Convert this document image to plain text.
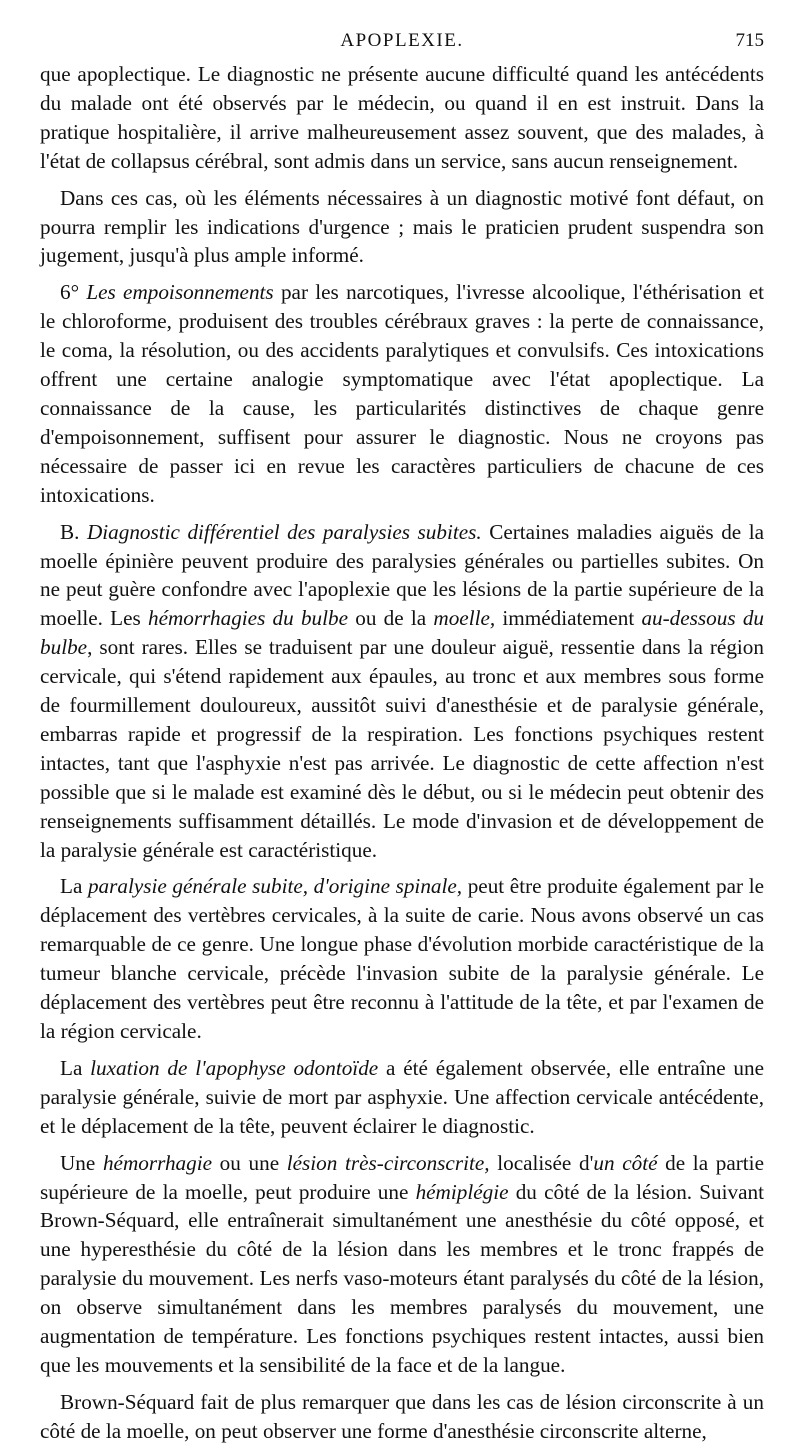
APOPLEXIE.	715

que apoplectique. Le diagnostic ne présente aucune difficulté quand les antécédents du malade ont été observés par le médecin, ou quand il en est instruit. Dans la pratique hospitalière, il arrive malheureusement assez souvent, que des malades, à l'état de collapsus cérébral, sont admis dans un service, sans aucun renseignement.

Dans ces cas, où les éléments nécessaires à un diagnostic motivé font défaut, on pourra remplir les indications d'urgence ; mais le praticien prudent suspendra son jugement, jusqu'à plus ample informé.

6° Les empoisonnements par les narcotiques, l'ivresse alcoolique, l'éthérisation et le chloroforme, produisent des troubles cérébraux graves : la perte de connaissance, le coma, la résolution, ou des accidents paralytiques et convulsifs. Ces intoxications offrent une certaine analogie symptomatique avec l'état apoplectique. La connaissance de la cause, les particularités distinctives de chaque genre d'empoisonnement, suffisent pour assurer le diagnostic. Nous ne croyons pas nécessaire de passer ici en revue les caractères particuliers de chacune de ces intoxications.

B. Diagnostic différentiel des paralysies subites. Certaines maladies aiguës de la moelle épinière peuvent produire des paralysies générales ou partielles subites. On ne peut guère confondre avec l'apoplexie que les lésions de la partie supérieure de la moelle. Les hémorrhagies du bulbe ou de la moelle, immédiatement au-dessous du bulbe, sont rares. Elles se traduisent par une douleur aiguë, ressentie dans la région cervicale, qui s'étend rapidement aux épaules, au tronc et aux membres sous forme de fourmillement douloureux, aussitôt suivi d'anesthésie et de paralysie générale, embarras rapide et progressif de la respiration. Les fonctions psychiques restent intactes, tant que l'asphyxie n'est pas arrivée. Le diagnostic de cette affection n'est possible que si le malade est examiné dès le début, ou si le médecin peut obtenir des renseignements suffisamment détaillés. Le mode d'invasion et de développement de la paralysie générale est caractéristique.

La paralysie générale subite, d'origine spinale, peut être produite également par le déplacement des vertèbres cervicales, à la suite de carie. Nous avons observé un cas remarquable de ce genre. Une longue phase d'évolution morbide caractéristique de la tumeur blanche cervicale, précède l'invasion subite de la paralysie générale. Le déplacement des vertèbres peut être reconnu à l'attitude de la tête, et par l'examen de la région cervicale.

La luxation de l'apophyse odontoïde a été également observée, elle entraîne une paralysie générale, suivie de mort par asphyxie. Une affection cervicale antécédente, et le déplacement de la tête, peuvent éclairer le diagnostic.

Une hémorrhagie ou une lésion très-circonscrite, localisée d'un côté de la partie supérieure de la moelle, peut produire une hémiplégie du côté de la lésion. Suivant Brown-Séquard, elle entraînerait simultanément une anesthésie du côté opposé, et une hyperesthésie du côté de la lésion dans les membres et le tronc frappés de paralysie du mouvement. Les nerfs vaso-moteurs étant paralysés du côté de la lésion, on observe simultanément dans les membres paralysés du mouvement, une augmentation de température. Les fonctions psychiques restent intactes, aussi bien que les mouvements et la sensibilité de la face et de la langue.

Brown-Séquard fait de plus remarquer que dans les cas de lésion circonscrite à un côté de la moelle, on peut observer une forme d'anesthésie circonscrite alterne,
